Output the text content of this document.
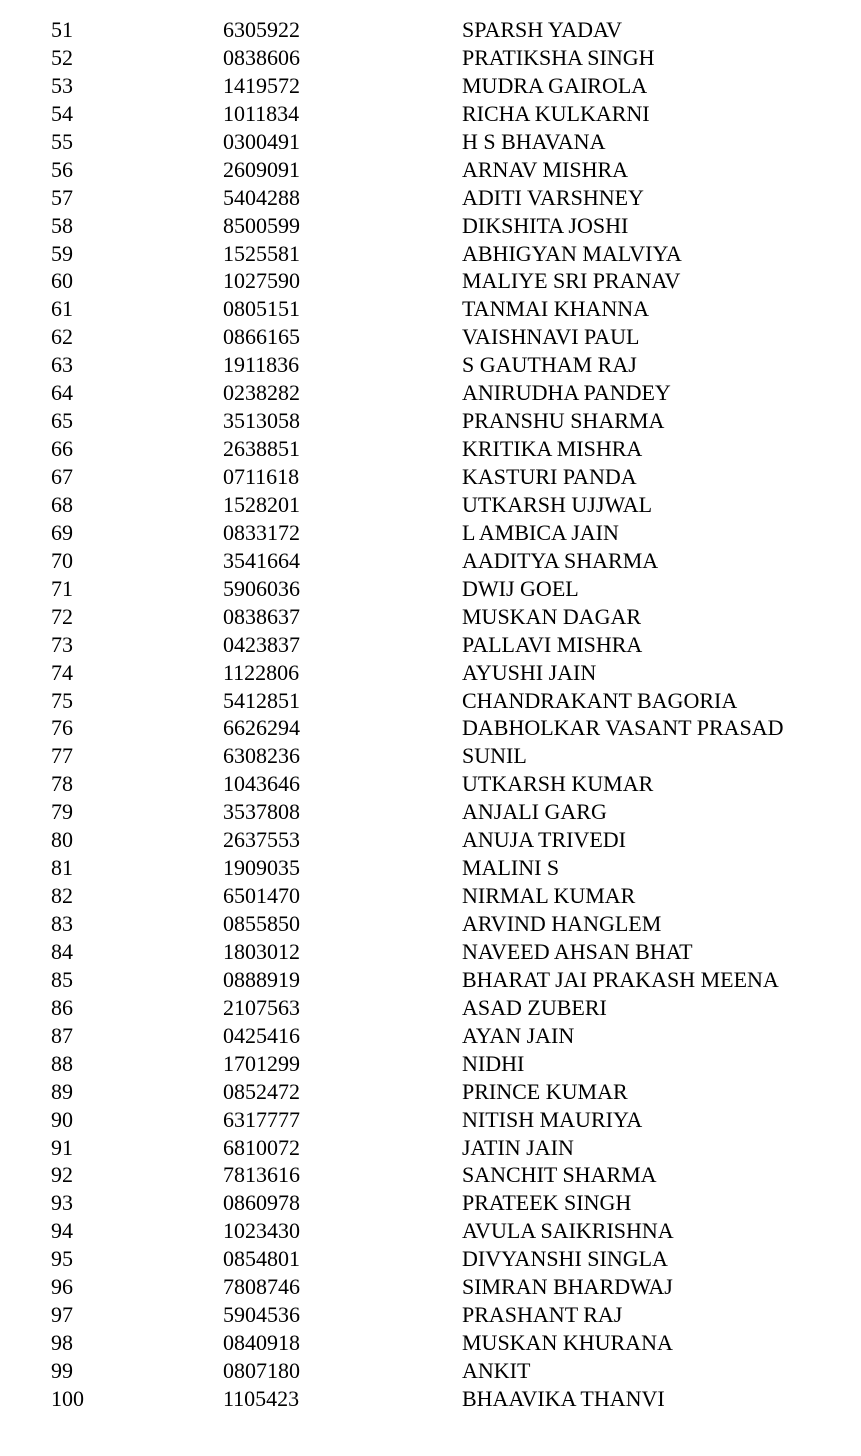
51	6305922	SPARSH YADAV
52	0838606	PRATIKSHA SINGH
53	1419572	MUDRA GAIROLA
54	1011834	RICHA KULKARNI
55	0300491	H S BHAVANA
56	2609091	ARNAV MISHRA
57	5404288	ADITI VARSHNEY
58	8500599	DIKSHITA JOSHI
59	1525581	ABHIGYAN MALVIYA
60	1027590	MALIYE SRI PRANAV
61	0805151	TANMAI KHANNA
62	0866165	VAISHNAVI PAUL
63	1911836	S GAUTHAM RAJ
64	0238282	ANIRUDHA PANDEY
65	3513058	PRANSHU SHARMA
66	2638851	KRITIKA MISHRA
67	0711618	KASTURI PANDA
68	1528201	UTKARSH UJJWAL
69	0833172	L AMBICA JAIN
70	3541664	AADITYA SHARMA
71	5906036	DWIJ GOEL
72	0838637	MUSKAN DAGAR
73	0423837	PALLAVI MISHRA
74	1122806	AYUSHI JAIN
75	5412851	CHANDRAKANT BAGORIA
76	6626294	DABHOLKAR VASANT PRASAD
77	6308236	SUNIL
78	1043646	UTKARSH KUMAR
79	3537808	ANJALI GARG
80	2637553	ANUJA TRIVEDI
81	1909035	MALINI S
82	6501470	NIRMAL KUMAR
83	0855850	ARVIND HANGLEM
84	1803012	NAVEED AHSAN BHAT
85	0888919	BHARAT JAI PRAKASH MEENA
86	2107563	ASAD ZUBERI
87	0425416	AYAN JAIN
88	1701299	NIDHI
89	0852472	PRINCE KUMAR
90	6317777	NITISH MAURIYA
91	6810072	JATIN JAIN
92	7813616	SANCHIT SHARMA
93	0860978	PRATEEK SINGH
94	1023430	AVULA SAIKRISHNA
95	0854801	DIVYANSHI SINGLA
96	7808746	SIMRAN BHARDWAJ
97	5904536	PRASHANT RAJ
98	0840918	MUSKAN KHURANA
99	0807180	ANKIT
100	1105423	BHAAVIKA THANVI
